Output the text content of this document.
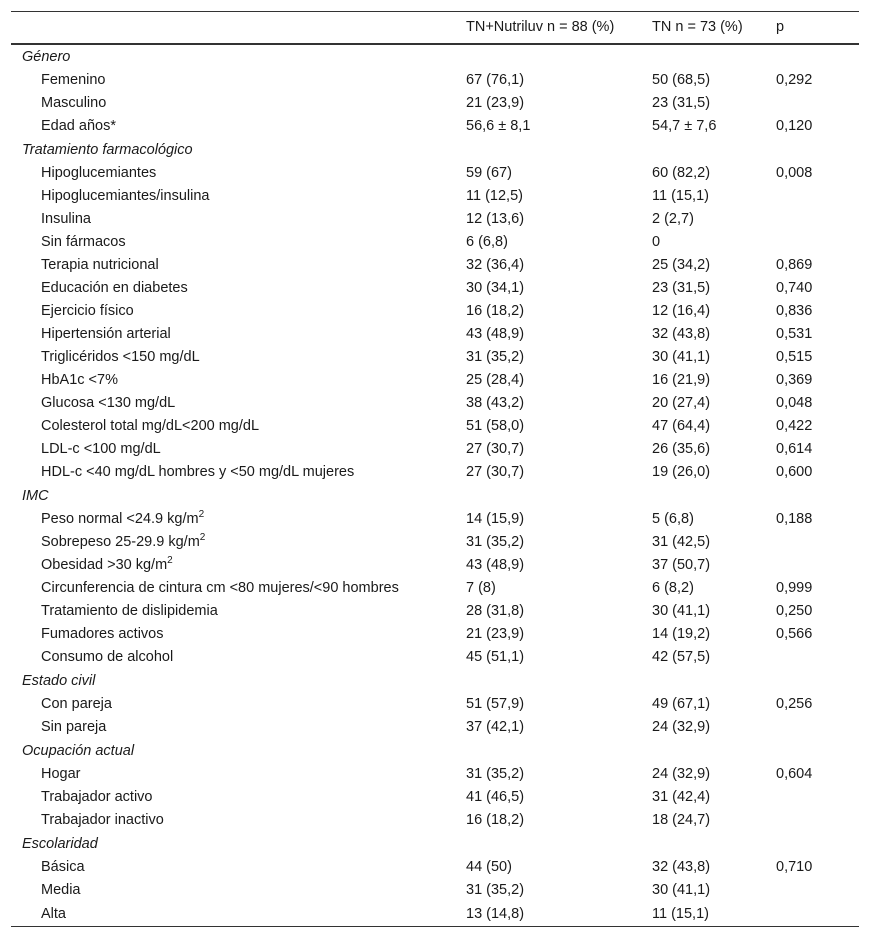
	TN+Nutriluv n = 88 (%)	TN n = 73 (%)	p
Género			
Femenino	67 (76,1)	50 (68,5)	0,292
Masculino	21 (23,9)	23 (31,5)	
Edad años*	56,6 ± 8,1	54,7 ± 7,6	0,120
Tratamiento farmacológico			
Hipoglucemiantes	59 (67)	60 (82,2)	0,008
Hipoglucemiantes/insulina	11 (12,5)	11 (15,1)	
Insulina	12 (13,6)	2 (2,7)	
Sin fármacos	6 (6,8)	0	
Terapia nutricional	32 (36,4)	25 (34,2)	0,869
Educación en diabetes	30 (34,1)	23 (31,5)	0,740
Ejercicio físico	16 (18,2)	12 (16,4)	0,836
Hipertensión arterial	43 (48,9)	32 (43,8)	0,531
Triglicéridos <150 mg/dL	31 (35,2)	30 (41,1)	0,515
HbA1c <7%	25 (28,4)	16 (21,9)	0,369
Glucosa <130 mg/dL	38 (43,2)	20 (27,4)	0,048
Colesterol total mg/dL<200 mg/dL	51 (58,0)	47 (64,4)	0,422
LDL-c <100 mg/dL	27 (30,7)	26 (35,6)	0,614
HDL-c <40 mg/dL hombres y <50 mg/dL mujeres	27 (30,7)	19 (26,0)	0,600
IMC			
Peso normal <24.9 $kg/m^2$	14 (15,9)	5 (6,8)	0,188
Sobrepeso 25-29.9 $kg/m^2$	31 (35,2)	31 (42,5)	
Obesidad >30 $kg/m^2$	43 (48,9)	37 (50,7)	
Circunferencia de cintura cm <80 mujeres/<90 hombres	7 (8)	6 (8,2)	0,999
Tratamiento de dislipidemia	28 (31,8)	30 (41,1)	0,250
Fumadores activos	21 (23,9)	14 (19,2)	0,566
Consumo de alcohol	45 (51,1)	42 (57,5)	
Estado civil			
Con pareja	51 (57,9)	49 (67,1)	0,256
Sin pareja	37 (42,1)	24 (32,9)	
Ocupación actual			
Hogar	31 (35,2)	24 (32,9)	0,604
Trabajador activo	41 (46,5)	31 (42,4)	
Trabajador inactivo	16 (18,2)	18 (24,7)	
Escolaridad			
Básica	44 (50)	32 (43,8)	0,710
Media	31 (35,2)	30 (41,1)	
Alta	13 (14,8)	11 (15,1)	
